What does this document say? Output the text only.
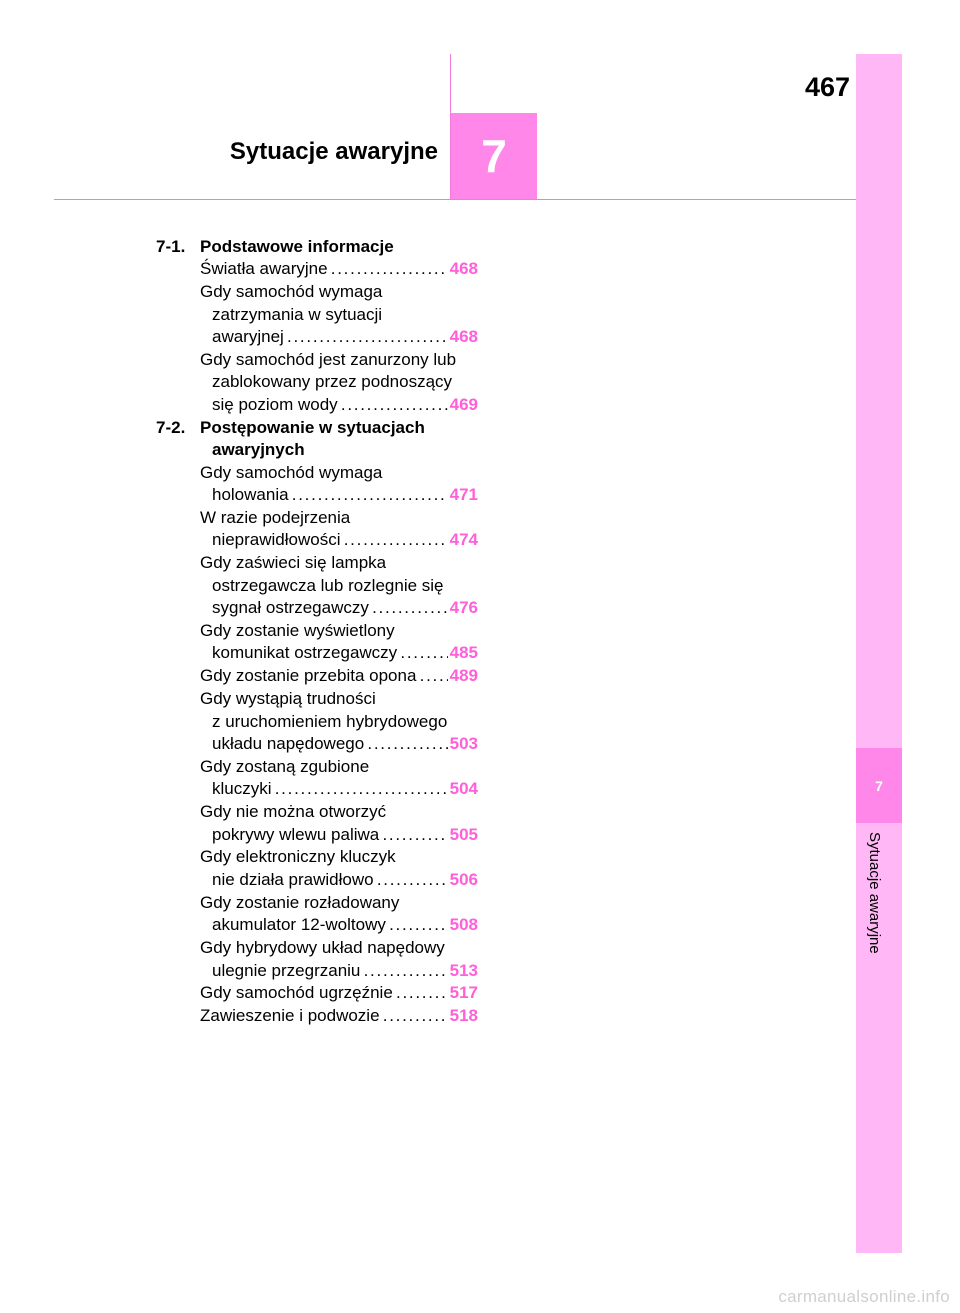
467
Sytuacje awaryjne 7
7
Sytuacje awaryjne
7-1. Podstawowe informacje
Światła awaryjne . . .	468
Gdy samochód wymaga
zatrzymania w sytuacji
awaryjnej . . .	468
Gdy samochód jest zanurzony lub
zablokowany przez podnoszący
się poziom wody . . .	469
7-2. Postępowanie w sytuacjach
awaryjnych
Gdy samochód wymaga
holowania . . .	471
W razie podejrzenia
nieprawidłowości . . .	474
Gdy zaświeci się lampka
ostrzegawcza lub rozlegnie się
sygnał ostrzegawczy . . .	476
Gdy zostanie wyświetlony
komunikat ostrzegawczy . . .	485
Gdy zostanie przebita opona . . .	489
Gdy wystąpią trudności
z uruchomieniem hybrydowego
układu napędowego . . .	503
Gdy zostaną zgubione
kluczyki . . .	504
Gdy nie można otworzyć
pokrywy wlewu paliwa . . .	505
Gdy elektroniczny kluczyk
nie działa prawidłowo . . .	506
Gdy zostanie rozładowany
akumulator 12-woltowy . . .	508
Gdy hybrydowy układ napędowy
ulegnie przegrzaniu . . .	513
Gdy samochód ugrzęźnie . . .	517
Zawieszenie i podwozie . . .	518
carmanualsonline.info
